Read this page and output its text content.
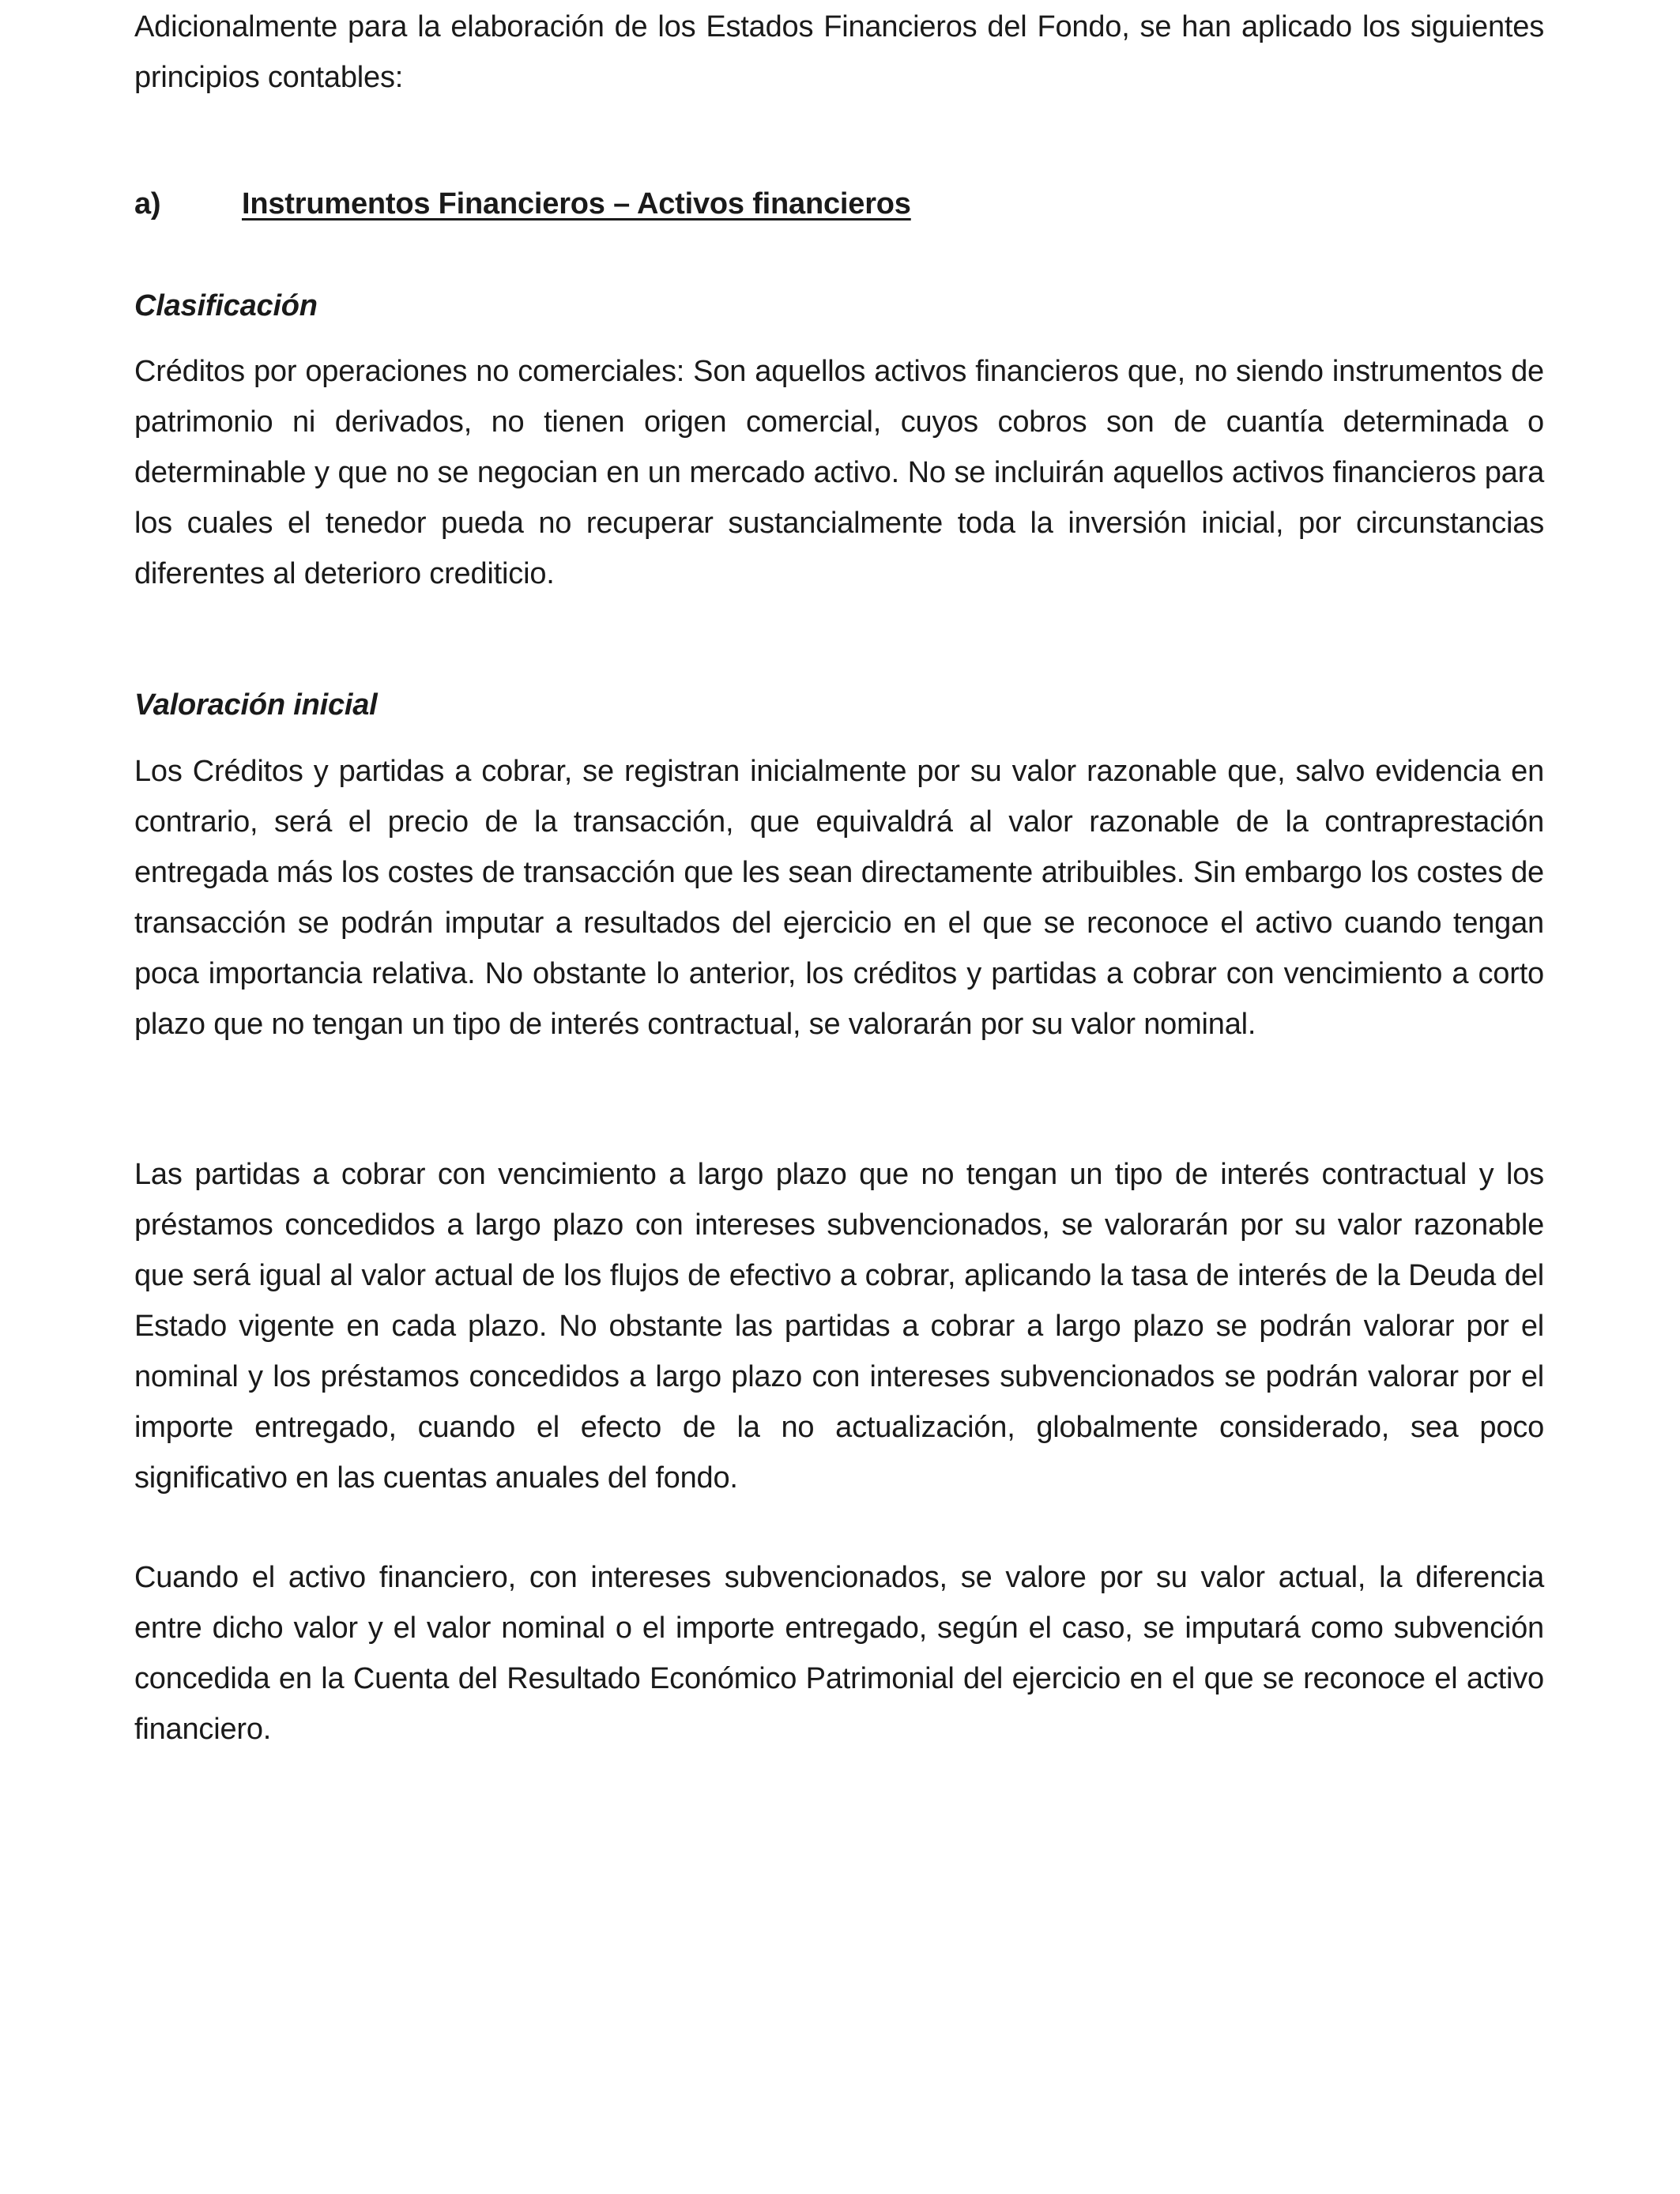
Adicionalmente para la elaboración de los Estados Financieros del Fondo, se han aplicado los siguientes principios contables:

a)	Instrumentos Financieros – Activos financieros
Clasificación

Créditos por operaciones no comerciales: Son aquellos activos financieros que, no siendo instrumentos de patrimonio ni derivados, no tienen origen comercial, cuyos cobros son de cuantía determinada o determinable y que no se negocian en un mercado activo. No se incluirán aquellos activos financieros para los cuales el tenedor pueda no recuperar sustancialmente toda la inversión inicial, por circunstancias diferentes al deterioro crediticio.

Valoración inicial

Los Créditos y partidas a cobrar, se registran inicialmente por su valor razonable que, salvo evidencia en contrario, será el precio de la transacción, que equivaldrá al valor razonable de la contraprestación entregada más los costes de transacción que les sean directamente atribuibles. Sin embargo los costes de transacción se podrán imputar a resultados del ejercicio en el que se reconoce el activo cuando tengan poca importancia relativa. No obstante lo anterior, los créditos y partidas a cobrar con vencimiento a corto plazo que no tengan un tipo de interés contractual, se valorarán por su valor nominal.

Las partidas a cobrar con vencimiento a largo plazo que no tengan un tipo de interés contractual y los préstamos concedidos a largo plazo con intereses subvencionados, se valorarán por su valor razonable que será igual al valor actual de los flujos de efectivo a cobrar, aplicando la tasa de interés de la Deuda del Estado vigente en cada plazo. No obstante las partidas a cobrar a largo plazo se podrán valorar por el nominal y los préstamos concedidos a largo plazo con intereses subvencionados se podrán valorar por el importe entregado, cuando el efecto de la no actualización, globalmente considerado, sea poco significativo en las cuentas anuales del fondo.

Cuando el activo financiero, con intereses subvencionados, se valore por su valor actual, la diferencia entre dicho valor y el valor nominal o el importe entregado, según el caso, se imputará como subvención concedida en la Cuenta del Resultado Económico Patrimonial del ejercicio en el que se reconoce el activo financiero.
